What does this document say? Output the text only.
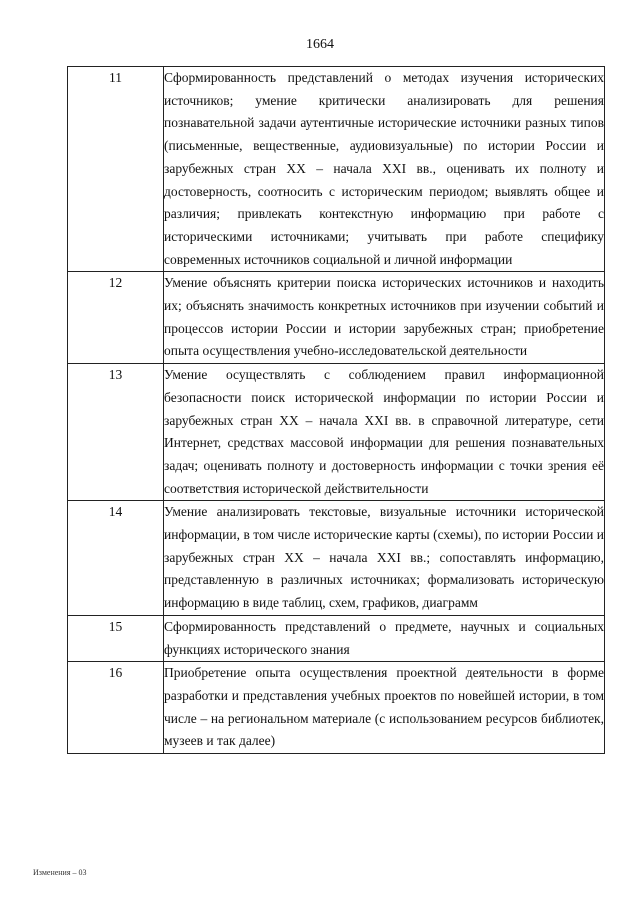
1664
11	Сформированность представлений о методах изучения исторических источников; умение критически анализировать для решения познавательной задачи аутентичные исторические источники разных типов (письменные, вещественные, аудиовизуальные) по истории России и зарубежных стран XX – начала XXI вв., оценивать их полноту и достоверность, соотносить с историческим периодом; выявлять общее и различия; привлекать контекстную информацию при работе с историческими источниками; учитывать при работе специфику современных источников социальной и личной информации
12	Умение объяснять критерии поиска исторических источников и находить их; объяснять значимость конкретных источников при изучении событий и процессов истории России и истории зарубежных стран; приобретение опыта осуществления учебно-исследовательской деятельности
13	Умение осуществлять с соблюдением правил информационной безопасности поиск исторической информации по истории России и зарубежных стран XX – начала XXI вв. в справочной литературе, сети Интернет, средствах массовой информации для решения познавательных задач; оценивать полноту и достоверность информации с точки зрения её соответствия исторической действительности
14	Умение анализировать текстовые, визуальные источники исторической информации, в том числе исторические карты (схемы), по истории России и зарубежных стран XX – начала XXI вв.; сопоставлять информацию, представленную в различных источниках; формализовать историческую информацию в виде таблиц, схем, графиков, диаграмм
15	Сформированность представлений о предмете, научных и социальных функциях исторического знания
16	Приобретение опыта осуществления проектной деятельности в форме разработки и представления учебных проектов по новейшей истории, в том числе – на региональном материале (с использованием ресурсов библиотек, музеев и так далее)
Изменения – 03
